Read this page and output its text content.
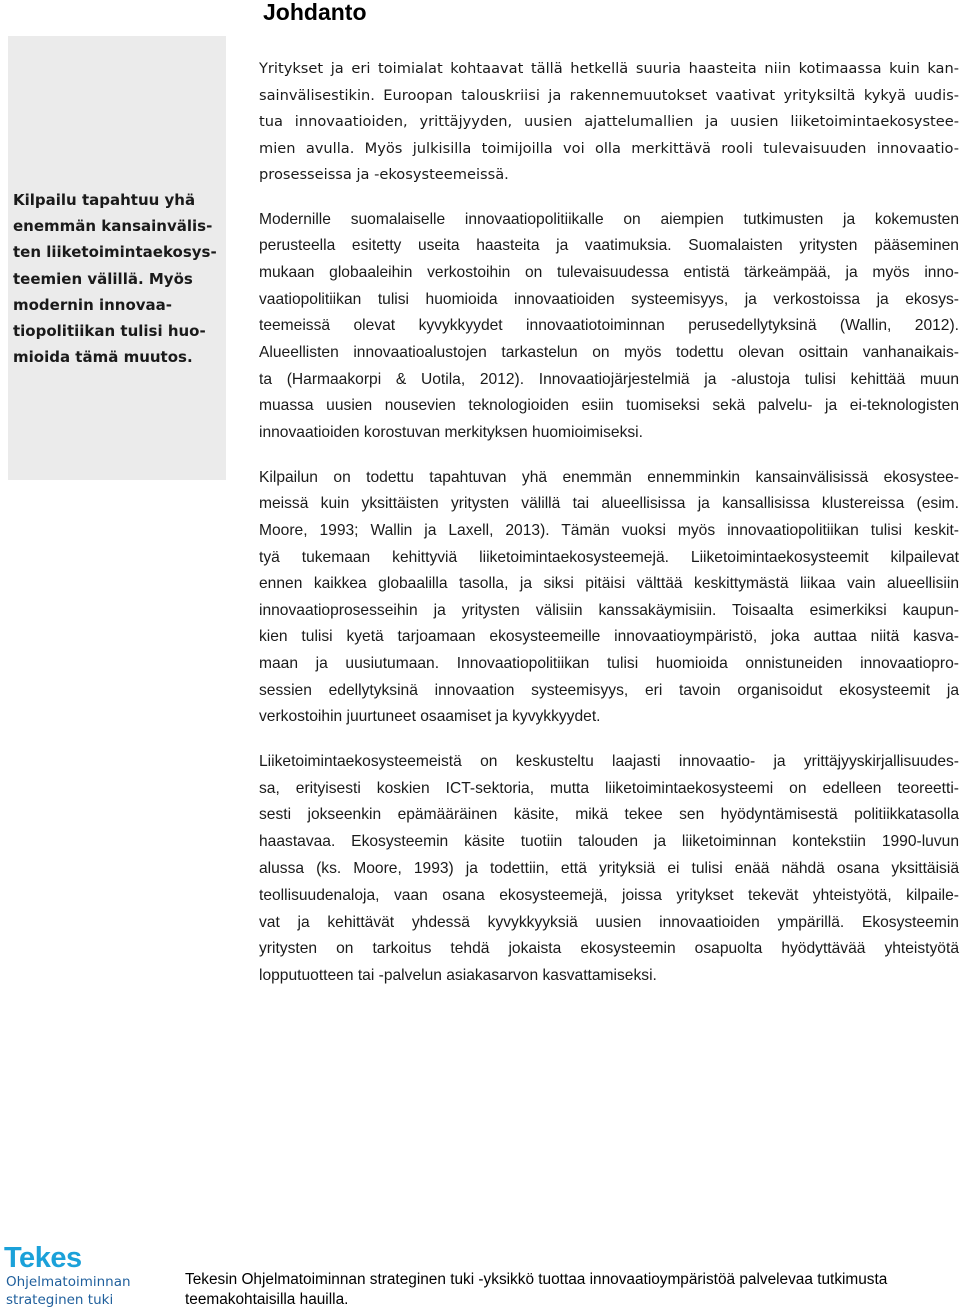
Johdanto
Kilpailu tapahtuu yhä
enemmän kansainvälis-
ten liiketoimintaekosys-
teemien välillä. Myös
modernin innovaa-
tiopolitiikan tulisi huo-
mioida tämä muutos.
Yritykset ja eri toimialat kohtaavat tällä hetkellä suuria haasteita niin kotimaassa kuin kan-
sainvälisestikin. Euroopan talouskriisi ja rakennemuutokset vaativat yrityksiltä kykyä uudis-
tua innovaatioiden, yrittäjyyden, uusien ajattelumallien ja uusien liiketoimintaekosystee-
mien avulla. Myös julkisilla toimijoilla voi olla merkittävä rooli tulevaisuuden innovaatio-
prosesseissa ja -ekosysteemeissä.
Modernille suomalaiselle innovaatiopolitiikalle on aiempien tutkimusten ja kokemusten
perusteella esitetty useita haasteita ja vaatimuksia. Suomalaisten yritysten pääseminen
mukaan globaaleihin verkostoihin on tulevaisuudessa entistä tärkeämpää, ja myös inno-
vaatiopolitiikan tulisi huomioida innovaatioiden systeemisyys, ja verkostoissa ja ekosys-
teemeissä olevat kyvykkyydet innovaatiotoiminnan perusedellytyksinä (Wallin, 2012).
Alueellisten innovaatioalustojen tarkastelun on myös todettu olevan osittain vanhanaikais-
ta (Harmaakorpi & Uotila, 2012). Innovaatiojärjestelmiä ja -alustoja tulisi kehittää muun
muassa uusien nousevien teknologioiden esiin tuomiseksi sekä palvelu- ja ei-teknologisten
innovaatioiden korostuvan merkityksen huomioimiseksi.
Kilpailun on todettu tapahtuvan yhä enemmän ennemminkin kansainvälisissä ekosystee-
meissä kuin yksittäisten yritysten välillä tai alueellisissa ja kansallisissa klustereissa (esim.
Moore, 1993; Wallin ja Laxell, 2013). Tämän vuoksi myös innovaatiopolitiikan tulisi keskit-
tyä tukemaan kehittyviä liiketoimintaekosysteemejä. Liiketoimintaekosysteemit kilpailevat
ennen kaikkea globaalilla tasolla, ja siksi pitäisi välttää keskittymästä liikaa vain alueellisiin
innovaatioprosesseihin ja yritysten välisiin kanssakäymisiin. Toisaalta esimerkiksi kaupun-
kien tulisi kyetä tarjoamaan ekosysteemeille innovaatioympäristö, joka auttaa niitä kasva-
maan ja uusiutumaan. Innovaatiopolitiikan tulisi huomioida onnistuneiden innovaatiopro-
sessien edellytyksinä innovaation systeemisyys, eri tavoin organisoidut ekosysteemit ja
verkostoihin juurtuneet osaamiset ja kyvykkyydet.
Liiketoimintaekosysteemeistä on keskusteltu laajasti innovaatio- ja yrittäjyyskirjallisuudes-
sa, erityisesti koskien ICT-sektoria, mutta liiketoimintaekosysteemi on edelleen teoreetti-
sesti jokseenkin epämääräinen käsite, mikä tekee sen hyödyntämisestä politiikkatasolla
haastavaa. Ekosysteemin käsite tuotiin talouden ja liiketoiminnan kontekstiin 1990-luvun
alussa (ks. Moore, 1993) ja todettiin, että yrityksiä ei tulisi enää nähdä osana yksittäisiä
teollisuudenaloja, vaan osana ekosysteemejä, joissa yritykset tekevät yhteistyötä, kilpaile-
vat ja kehittävät yhdessä kyvykkyyksiä uusien innovaatioiden ympärillä. Ekosysteemin
yritysten on tarkoitus tehdä jokaista ekosysteemin osapuolta hyödyttävää yhteistyötä
lopputuotteen tai -palvelun asiakasarvon kasvattamiseksi.
Tekes
Ohjelmatoiminnan
strateginen tuki
Tekesin Ohjelmatoiminnan strateginen tuki -yksikkö tuottaa innovaatioympäristöä palvelevaa tutkimusta
teemakohtaisilla hauilla.
